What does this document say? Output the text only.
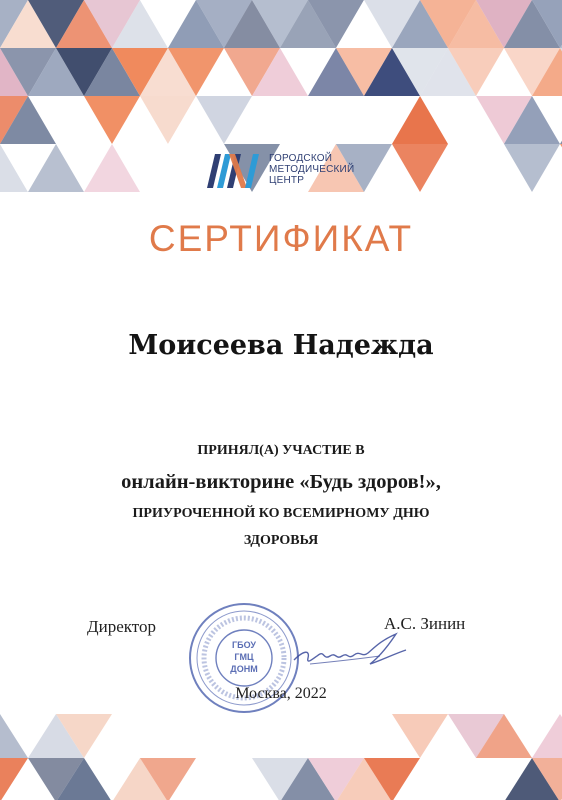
ГОРОДСКОЙ
МЕТОДИЧЕСКИЙ
ЦЕНТР
СЕРТИФИКАТ
Моисеева Надежда
ПРИНЯЛ(А) УЧАСТИЕ В
онлайн-викторине «Будь здоров!»,
ПРИУРОЧЕННОЙ КО ВСЕМИРНОМУ ДНЮ
ЗДОРОВЬЯ
Директор
ГБОУ
ГМЦ
ДОНМ
А.С. Зинин
Москва, 2022
